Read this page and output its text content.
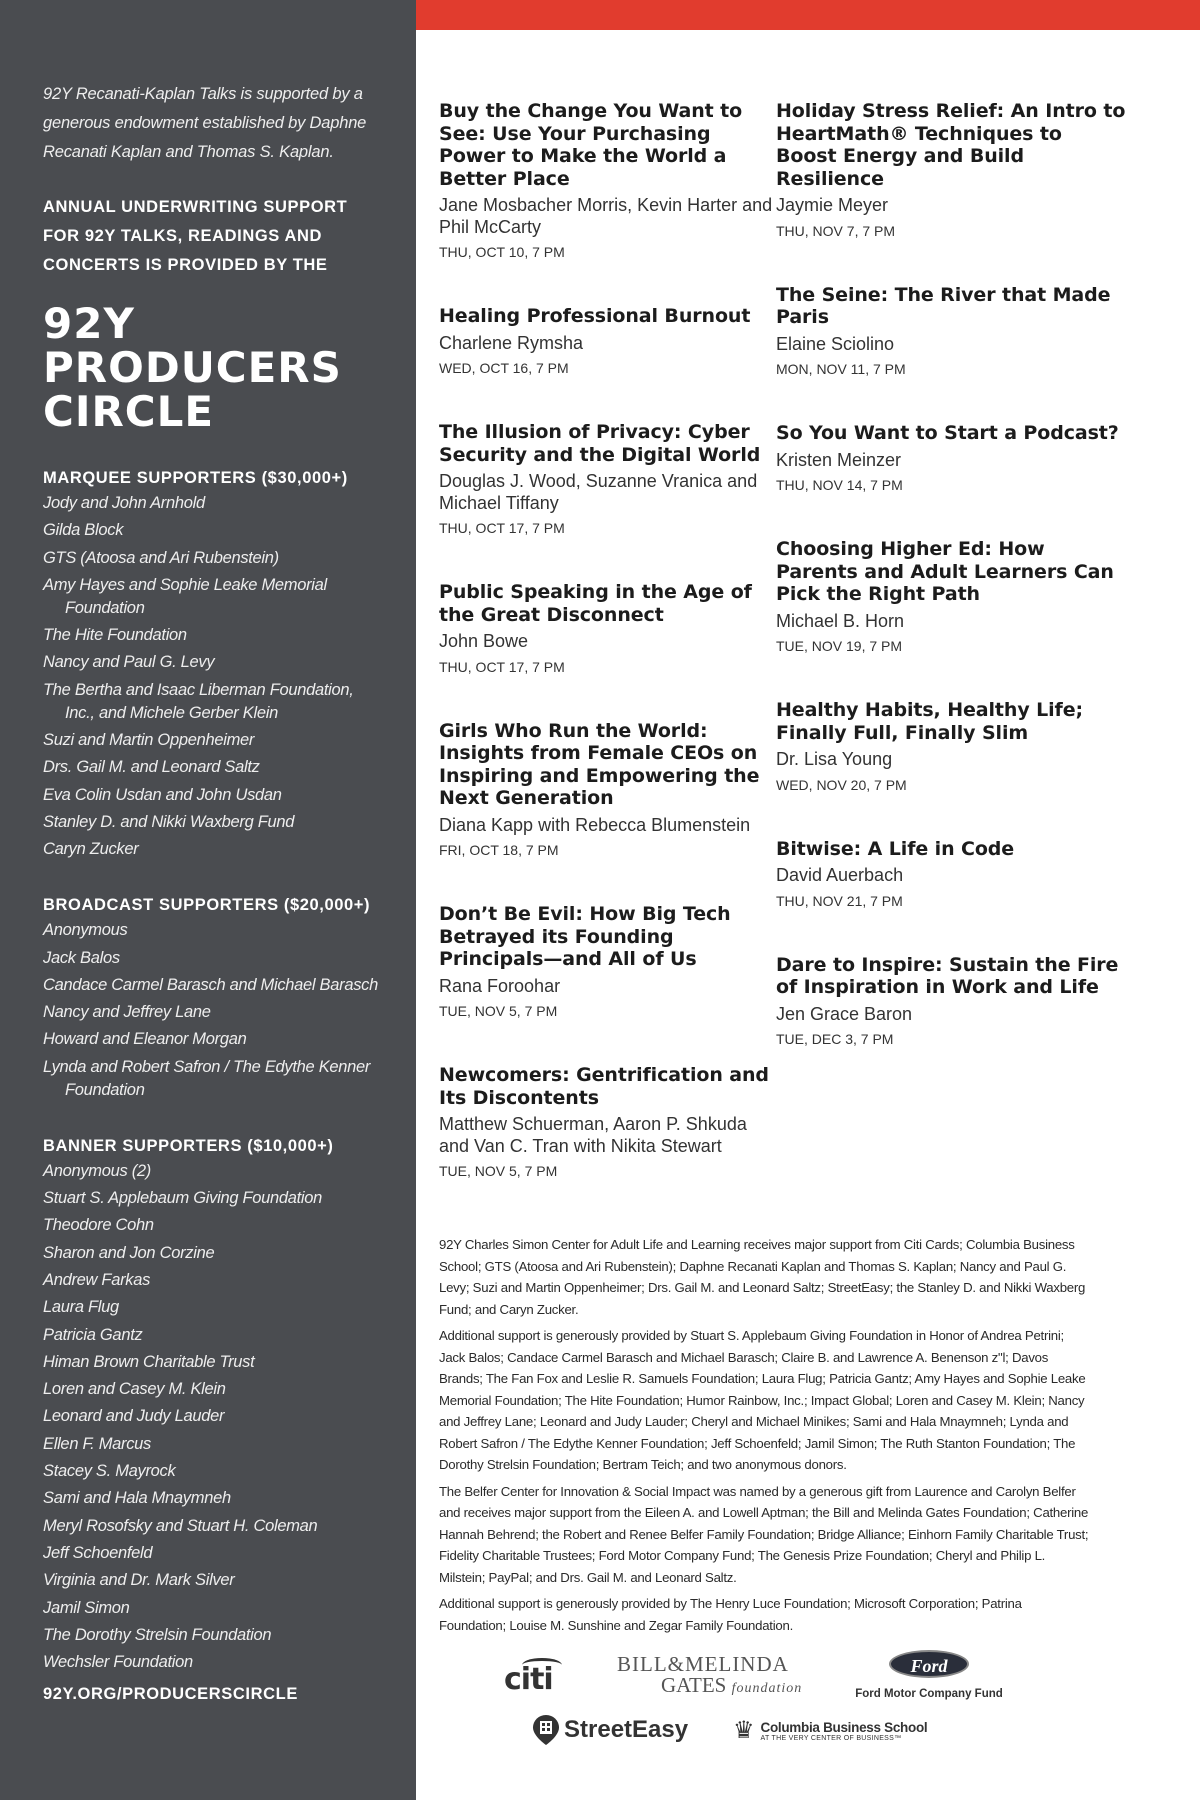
92Y Recanati-Kaplan Talks is supported by a generous endowment established by Daphne Recanati Kaplan and Thomas S. Kaplan.

ANNUAL UNDERWRITING SUPPORT FOR 92Y TALKS, READINGS AND CONCERTS IS PROVIDED BY THE

92Y PRODUCERS CIRCLE
MARQUEE SUPPORTERS ($30,000+)
Jody and John Arnhold
Gilda Block
GTS (Atoosa and Ari Rubenstein)
Amy Hayes and Sophie Leake Memorial Foundation
The Hite Foundation
Nancy and Paul G. Levy
The Bertha and Isaac Liberman Foundation, Inc., and Michele Gerber Klein
Suzi and Martin Oppenheimer
Drs. Gail M. and Leonard Saltz
Eva Colin Usdan and John Usdan
Stanley D. and Nikki Waxberg Fund
Caryn Zucker
BROADCAST SUPPORTERS ($20,000+)
Anonymous
Jack Balos
Candace Carmel Barasch and Michael Barasch
Nancy and Jeffrey Lane
Howard and Eleanor Morgan
Lynda and Robert Safron / The Edythe Kenner Foundation
BANNER SUPPORTERS ($10,000+)
Anonymous (2)
Stuart S. Applebaum Giving Foundation
Theodore Cohn
Sharon and Jon Corzine
Andrew Farkas
Laura Flug
Patricia Gantz
Himan Brown Charitable Trust
Loren and Casey M. Klein
Leonard and Judy Lauder
Ellen F. Marcus
Stacey S. Mayrock
Sami and Hala Mnaymneh
Meryl Rosofsky and Stuart H. Coleman
Jeff Schoenfeld
Virginia and Dr. Mark Silver
Jamil Simon
The Dorothy Strelsin Foundation
Wechsler Foundation
92Y.ORG/PRODUCERSCIRCLE
Buy the Change You Want to See: Use Your Purchasing Power to Make the World a Better Place
Jane Mosbacher Morris, Kevin Harter and Phil McCarty
THU, OCT 10, 7 PM
Healing Professional Burnout
Charlene Rymsha
WED, OCT 16, 7 PM
The Illusion of Privacy: Cyber Security and the Digital World
Douglas J. Wood, Suzanne Vranica and Michael Tiffany
THU, OCT 17, 7 PM
Public Speaking in the Age of the Great Disconnect
John Bowe
THU, OCT 17, 7 PM
Girls Who Run the World: Insights from Female CEOs on Inspiring and Empowering the Next Generation
Diana Kapp with Rebecca Blumenstein
FRI, OCT 18, 7 PM
Don’t Be Evil: How Big Tech Betrayed its Founding Principals—and All of Us
Rana Foroohar
TUE, NOV 5, 7 PM
Newcomers: Gentrification and Its Discontents
Matthew Schuerman, Aaron P. Shkuda and Van C. Tran with Nikita Stewart
TUE, NOV 5, 7 PM
Holiday Stress Relief: An Intro to HeartMath® Techniques to Boost Energy and Build Resilience
Jaymie Meyer
THU, NOV 7, 7 PM
The Seine: The River that Made Paris
Elaine Sciolino
MON, NOV 11, 7 PM
So You Want to Start a Podcast?
Kristen Meinzer
THU, NOV 14, 7 PM
Choosing Higher Ed: How Parents and Adult Learners Can Pick the Right Path
Michael B. Horn
TUE, NOV 19, 7 PM
Healthy Habits, Healthy Life; Finally Full, Finally Slim
Dr. Lisa Young
WED, NOV 20, 7 PM
Bitwise: A Life in Code
David Auerbach
THU, NOV 21, 7 PM
Dare to Inspire: Sustain the Fire of Inspiration in Work and Life
Jen Grace Baron
TUE, DEC 3, 7 PM

92Y Charles Simon Center for Adult Life and Learning receives major support from Citi Cards; Columbia Business School; GTS (Atoosa and Ari Rubenstein); Daphne Recanati Kaplan and Thomas S. Kaplan; Nancy and Paul G. Levy; Suzi and Martin Oppenheimer; Drs. Gail M. and Leonard Saltz; StreetEasy; the Stanley D. and Nikki Waxberg Fund; and Caryn Zucker.

Additional support is generously provided by Stuart S. Applebaum Giving Foundation in Honor of Andrea Petrini; Jack Balos; Candace Carmel Barasch and Michael Barasch; Claire B. and Lawrence A. Benenson z"l; Davos Brands; The Fan Fox and Leslie R. Samuels Foundation; Laura Flug; Patricia Gantz; Amy Hayes and Sophie Leake Memorial Foundation; The Hite Foundation; Humor Rainbow, Inc.; Impact Global; Loren and Casey M. Klein; Nancy and Jeffrey Lane; Leonard and Judy Lauder; Cheryl and Michael Minikes; Sami and Hala Mnaymneh; Lynda and Robert Safron / The Edythe Kenner Foundation; Jeff Schoenfeld; Jamil Simon; The Ruth Stanton Foundation; The Dorothy Strelsin Foundation; Bertram Teich; and two anonymous donors.

The Belfer Center for Innovation & Social Impact was named by a generous gift from Laurence and Carolyn Belfer and receives major support from the Eileen A. and Lowell Aptman; the Bill and Melinda Gates Foundation; Catherine Hannah Behrend; the Robert and Renee Belfer Family Foundation; Bridge Alliance; Einhorn Family Charitable Trust; Fidelity Charitable Trustees; Ford Motor Company Fund; The Genesis Prize Foundation; Cheryl and Philip L. Milstein; PayPal; and Drs. Gail M. and Leonard Saltz.

Additional support is generously provided by The Henry Luce Foundation; Microsoft Corporation; Patrina Foundation; Louise M. Sunshine and Zegar Family Foundation.

citi	BILL&MELINDA
GATES foundation
Ford
Ford Motor Company Fund
StreetEasy ♛ Columbia Business School
AT THE VERY CENTER OF BUSINESS™
